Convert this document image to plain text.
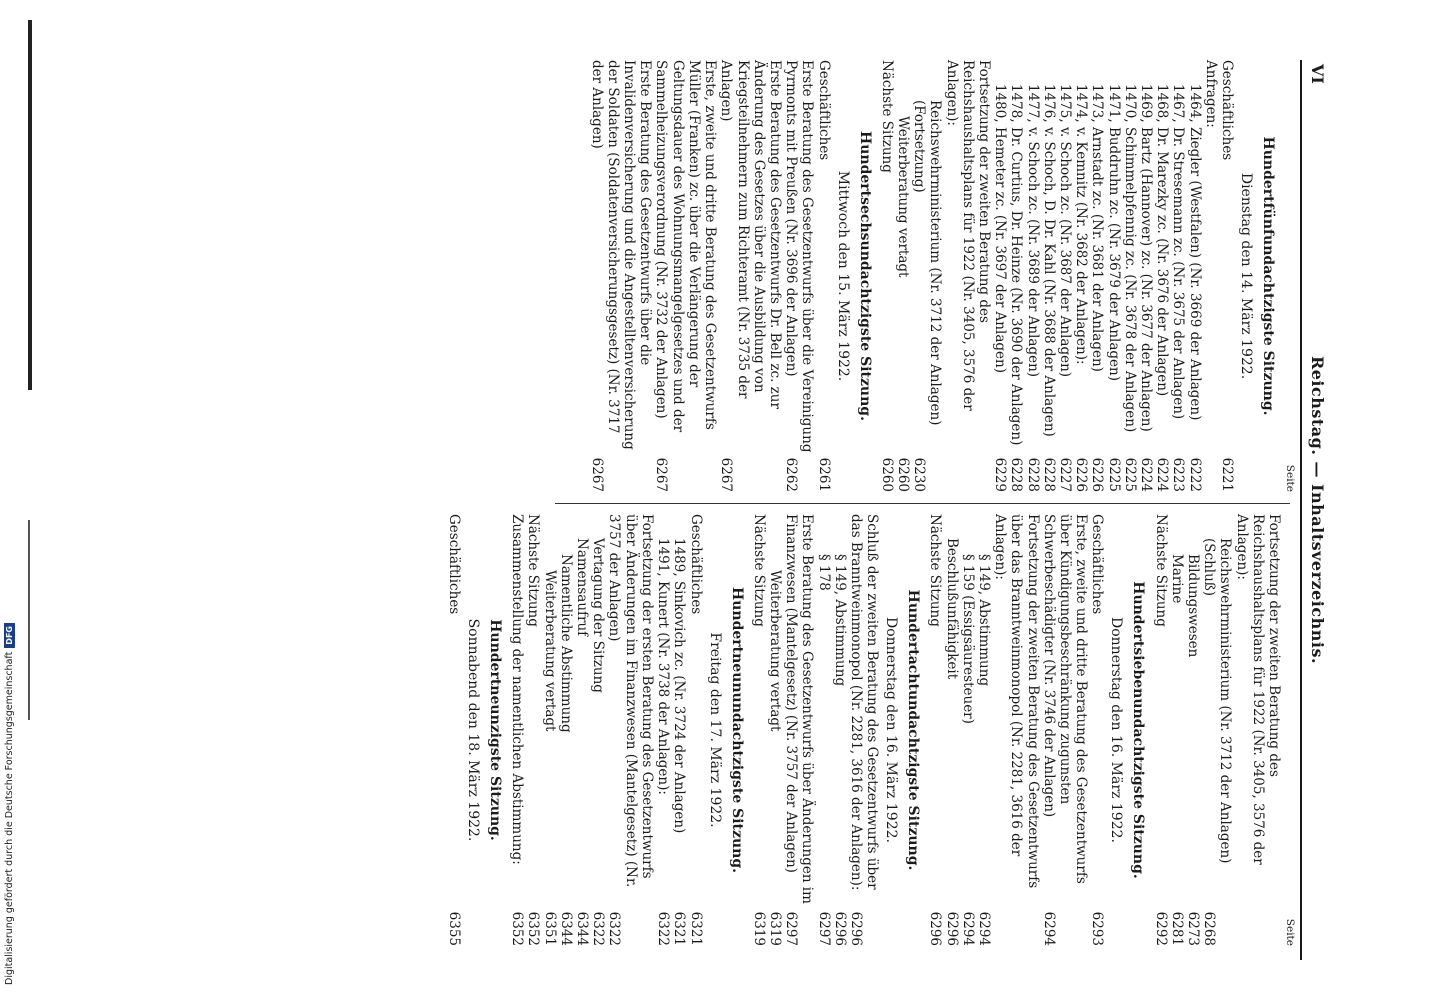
Digitalisierung gefördert durch die Deutsche Forschungsgemeinschaft
DFG
VI
Reichstag. — Inhaltsverzeichnis.
Seite
Hundertfünfundachtzigste Sitzung.
Dienstag den 14. März 1922.
Geschäftliches
6221
Anfragen:
1464, Ziegler (Westfalen) (Nr. 3669 der Anlagen)
6222
1467, Dr. Stresemann zc. (Nr. 3675 der Anlagen)
6223
1468, Dr. Marezky zc. (Nr. 3676 der Anlagen)
6224
1469, Bartz (Hannover) zc. (Nr. 3677 der Anlagen)
6224
1470, Schimmelpfennig zc. (Nr. 3678 der Anlagen)
6225
1471, Buddruhn zc. (Nr. 3679 der Anlagen)
6225
1473, Arnstadt zc. (Nr. 3681 der Anlagen)
6226
1474, v. Kemnitz (Nr. 3682 der Anlagen):
6226
1475, v. Schoch zc. (Nr. 3687 der Anlagen)
6227
1476, v. Schoch, D. Dr. Kahl (Nr. 3688 der Anlagen)
6228
1477, v. Schoch zc. (Nr. 3689 der Anlagen)
6228
1478, Dr. Curtius, Dr. Heinze (Nr. 3690 der Anlagen)
6228
1480, Hemeter zc. (Nr. 3697 der Anlagen)
6229
Fortsetzung der zweiten Beratung des Reichshaushaltsplans für 1922 (Nr. 3405, 3576 der Anlagen):
Reichswehrministerium (Nr. 3712 der Anlagen) (Fortsetzung)
6230
Weiterberatung vertagt
6260
Nächste Sitzung
6260
Hundertsechsundachtzigste Sitzung.
Mittwoch den 15. März 1922.
Geschäftliches
6261
Erste Beratung des Gesetzentwurfs über die Vereinigung Pyrmonts mit Preußen (Nr. 3696 der Anlagen)
6262
Erste Beratung des Gesetzentwurfs Dr. Bell zc. zur Änderung des Gesetzes über die Ausbildung von Kriegsteilnehmern zum Richteramt (Nr. 3735 der Anlagen)
6267
Erste, zweite und dritte Beratung des Gesetzentwurfs Müller (Franken) zc. über die Verlängerung der Geltungsdauer des Wohnungsmangelgesetzes und der Sammelheizungsverordnung (Nr. 3732 der Anlagen)
6267
Erste Beratung des Gesetzentwurfs über die Invalidenversicherung und die Angestelltenversicherung der Soldaten (Soldatenversicherungsgesetz) (Nr. 3717 der Anlagen)
6267
Seite
Fortsetzung der zweiten Beratung des Reichshaushaltsplans für 1922 (Nr. 3405, 3576 der Anlagen):
Reichswehrministerium (Nr. 3712 der Anlagen) (Schluß)
6268
Bildungswesen
6273
Marine
6281
Nächste Sitzung
6292
Hundertsiebenundachtzigste Sitzung.
Donnerstag den 16. März 1922.
Geschäftliches
6293
Erste, zweite und dritte Beratung des Gesetzentwurfs über Kündigungsbeschränkung zugunsten Schwerbeschädigter (Nr. 3746 der Anlagen)
6294
Fortsetzung der zweiten Beratung des Gesetzentwurfs über das Branntweinmonopol (Nr. 2281, 3616 der Anlagen):
§ 149, Abstimmung
6294
§ 159 (Essigsäuresteuer)
6294
Beschlußunfähigkeit
6296
Nächste Sitzung
6296
Hundertachtundachtzigste Sitzung.
Donnerstag den 16. März 1922.
Schluß der zweiten Beratung des Gesetzentwurfs über das Branntweinmonopol (Nr. 2281, 3616 der Anlagen):
6296
§ 149, Abstimmung
6296
§ 178
6297
Erste Beratung des Gesetzentwurfs über Änderungen im Finanzwesen (Mantelgesetz) (Nr. 3757 der Anlagen)
6297
Weiterberatung vertagt
6319
Nächste Sitzung
6319
Hundertneunundachtzigste Sitzung.
Freitag den 17. März 1922.
Geschäftliches
6321
1489, Sinkovich zc. (Nr. 3724 der Anlagen)
6321
1491, Kunert (Nr. 3738 der Anlagen):
6322
Fortsetzung der ersten Beratung des Gesetzentwurfs über Änderungen im Finanzwesen (Mantelgesetz) (Nr. 3757 der Anlagen)
6322
Vertagung der Sitzung
6322
Namensaufruf
6344
Namentliche Abstimmung
6344
Weiterberatung vertagt
6351
Nächste Sitzung
6352
Zusammenstellung der namentlichen Abstimmung:
6352
Hundertneunzigste Sitzung.
Sonnabend den 18. März 1922.
Geschäftliches
6355
